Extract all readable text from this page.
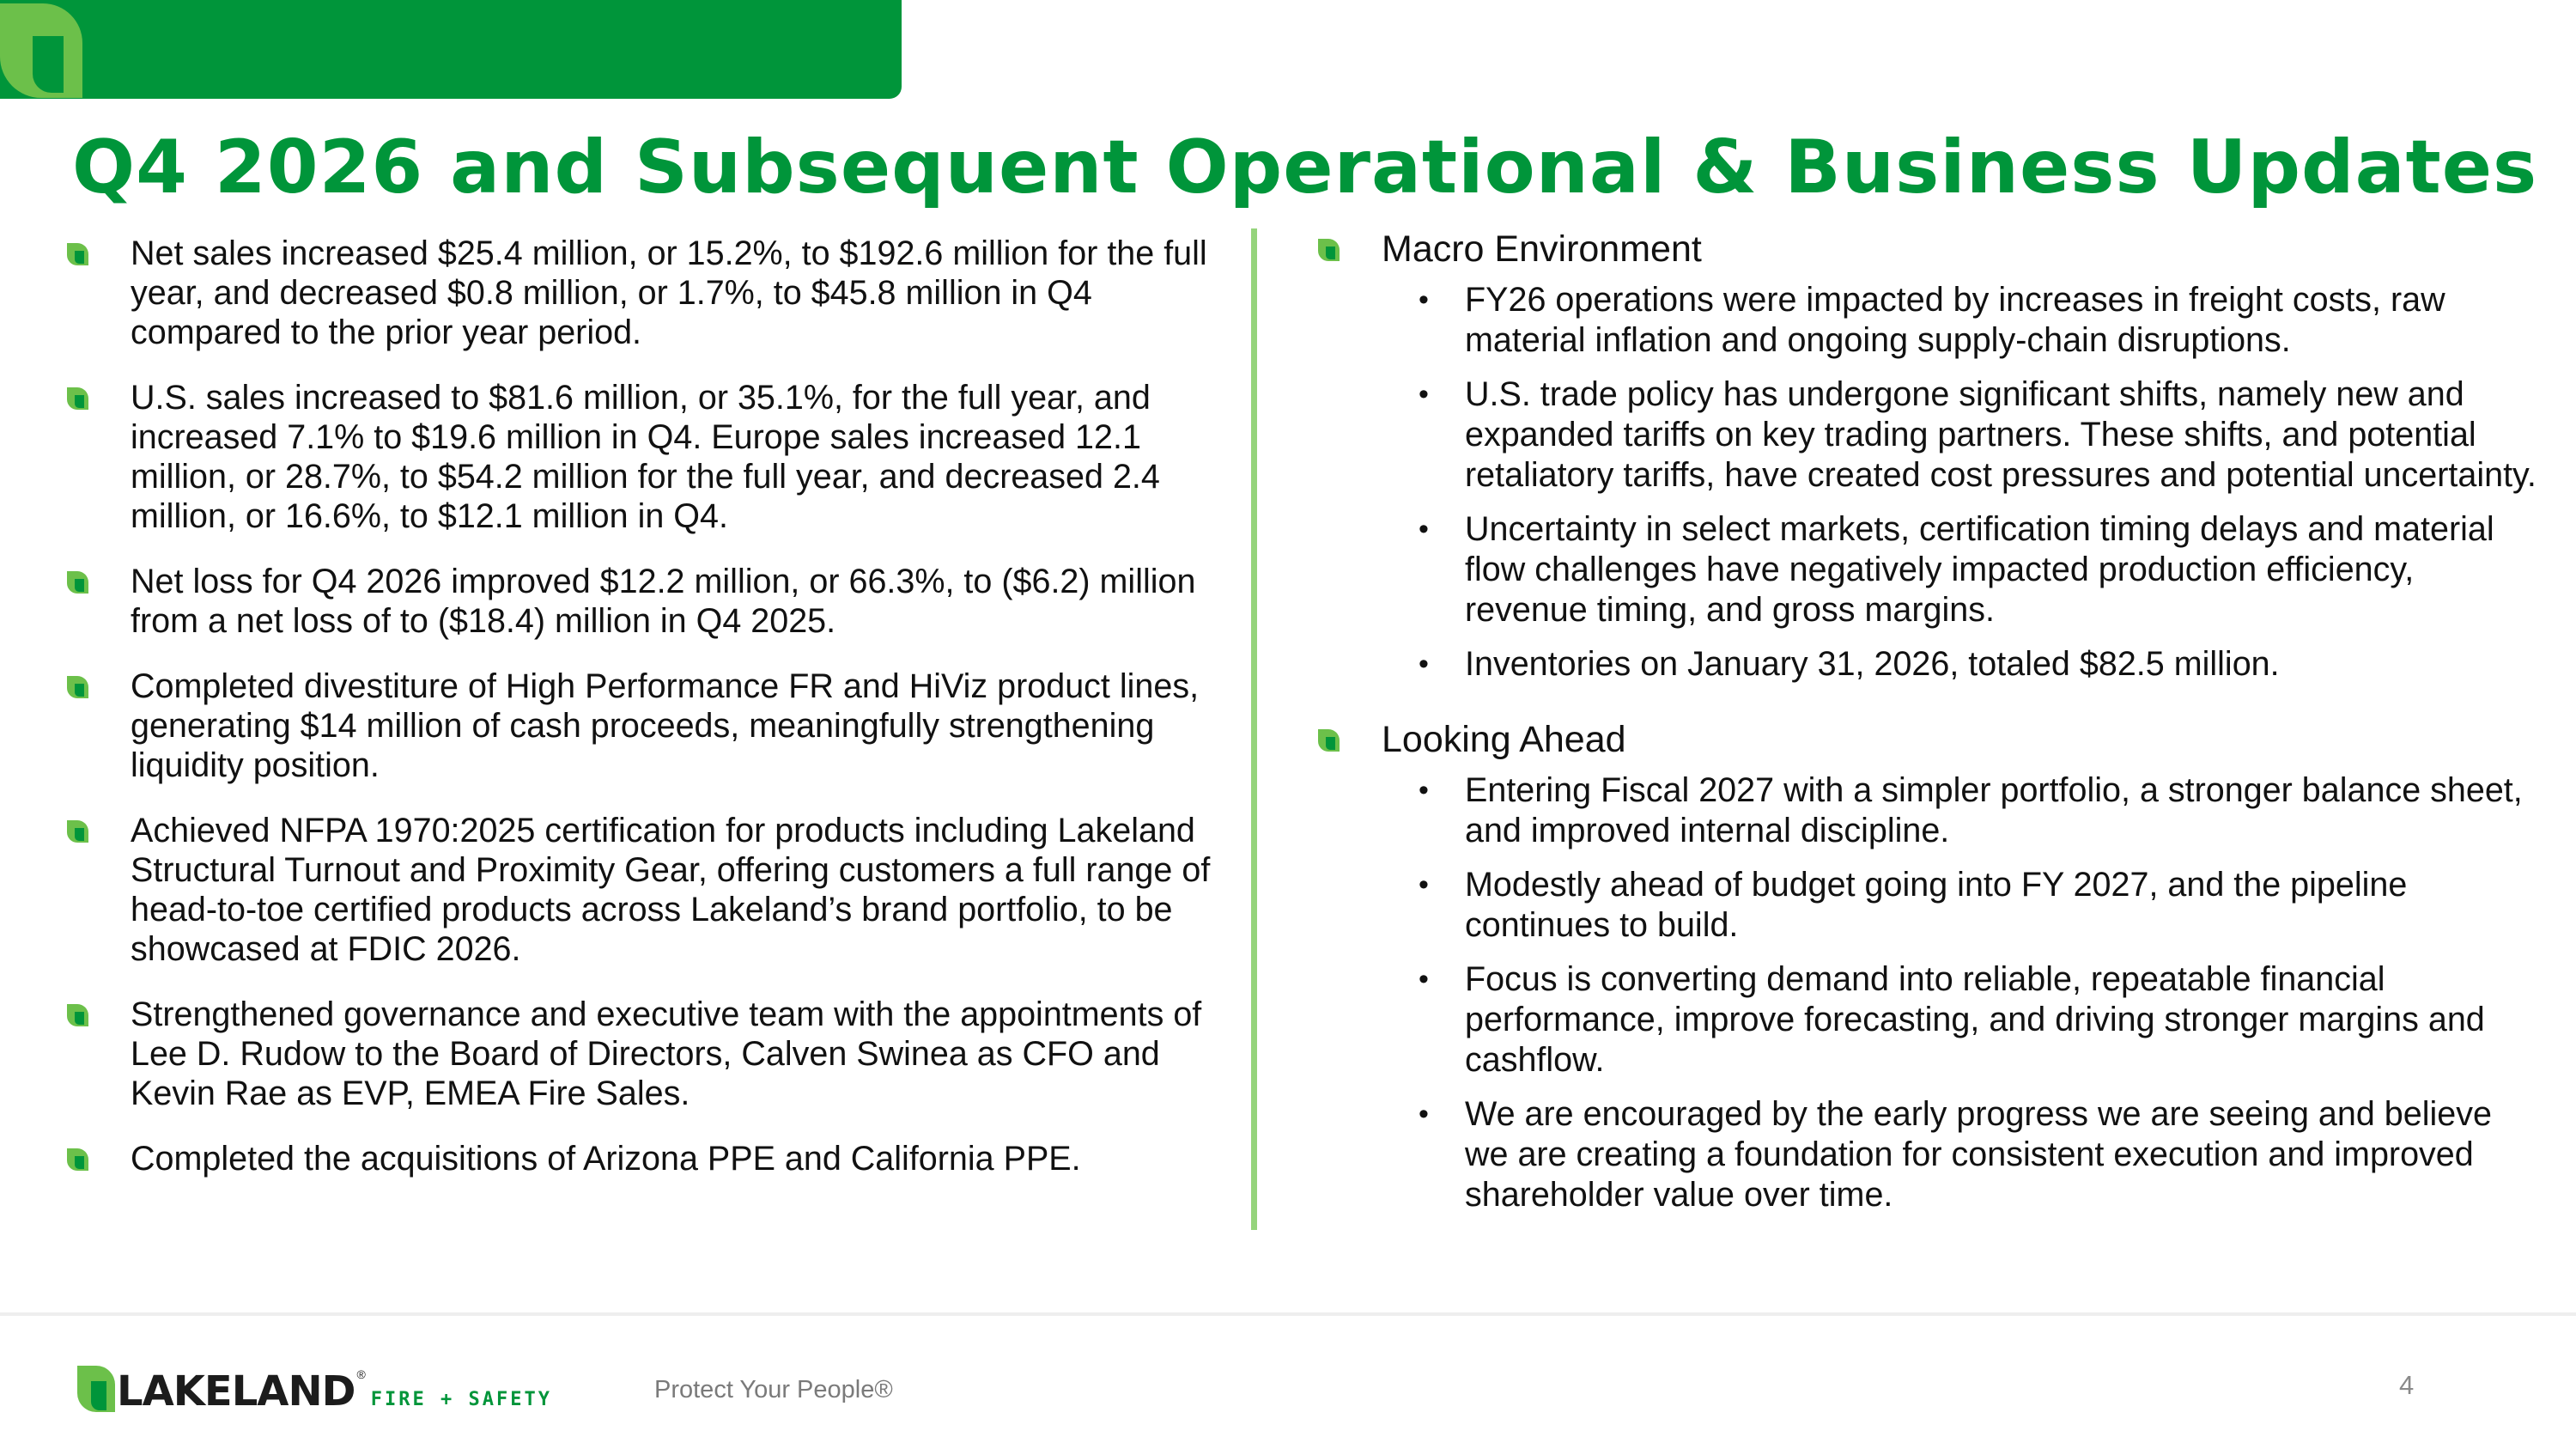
Q4 2026 and Subsequent Operational & Business Updates
Net sales increased $25.4 million, or 15.2%, to $192.6 million for the full year, and decreased $0.8 million, or 1.7%, to $45.8 million in Q4 compared to the prior year period.
U.S. sales increased to $81.6 million, or 35.1%, for the full year, and increased 7.1% to $19.6 million in Q4. Europe sales increased 12.1 million, or 28.7%, to $54.2 million for the full year, and decreased 2.4 million, or 16.6%, to $12.1 million in Q4.
Net loss for Q4 2026 improved $12.2 million, or 66.3%, to ($6.2) million from a net loss of to ($18.4) million in Q4 2025.
Completed divestiture of High Performance FR and HiViz product lines, generating $14 million of cash proceeds, meaningfully strengthening liquidity position.
Achieved NFPA 1970:2025 certification for products including Lakeland Structural Turnout and Proximity Gear, offering customers a full range of head-to-toe certified products across Lakeland’s brand portfolio, to be showcased at FDIC 2026.
Strengthened governance and executive team with the appointments of Lee D. Rudow to the Board of Directors, Calven Swinea as CFO and Kevin Rae as EVP, EMEA Fire Sales.
Completed the acquisitions of Arizona PPE and California PPE.
Macro Environment
• FY26 operations were impacted by increases in freight costs, raw material inflation and ongoing supply-chain disruptions.
• U.S. trade policy has undergone significant shifts, namely new and expanded tariffs on key trading partners. These shifts, and potential retaliatory tariffs, have created cost pressures and potential uncertainty.
• Uncertainty in select markets, certification timing delays and material flow challenges have negatively impacted production efficiency, revenue timing, and gross margins.
• Inventories on January 31, 2026, totaled $82.5 million.
Looking Ahead
• Entering Fiscal 2027 with a simpler portfolio, a stronger balance sheet, and improved internal discipline.
• Modestly ahead of budget going into FY 2027, and the pipeline continues to build.
• Focus is converting demand into reliable, repeatable financial performance, improve forecasting, and driving stronger margins and cashflow.
• We are encouraged by the early progress we are seeing and believe we are creating a foundation for consistent execution and improved shareholder value over time.
LAKELAND ®
FIRE + SAFETY	Protect Your People®	4
